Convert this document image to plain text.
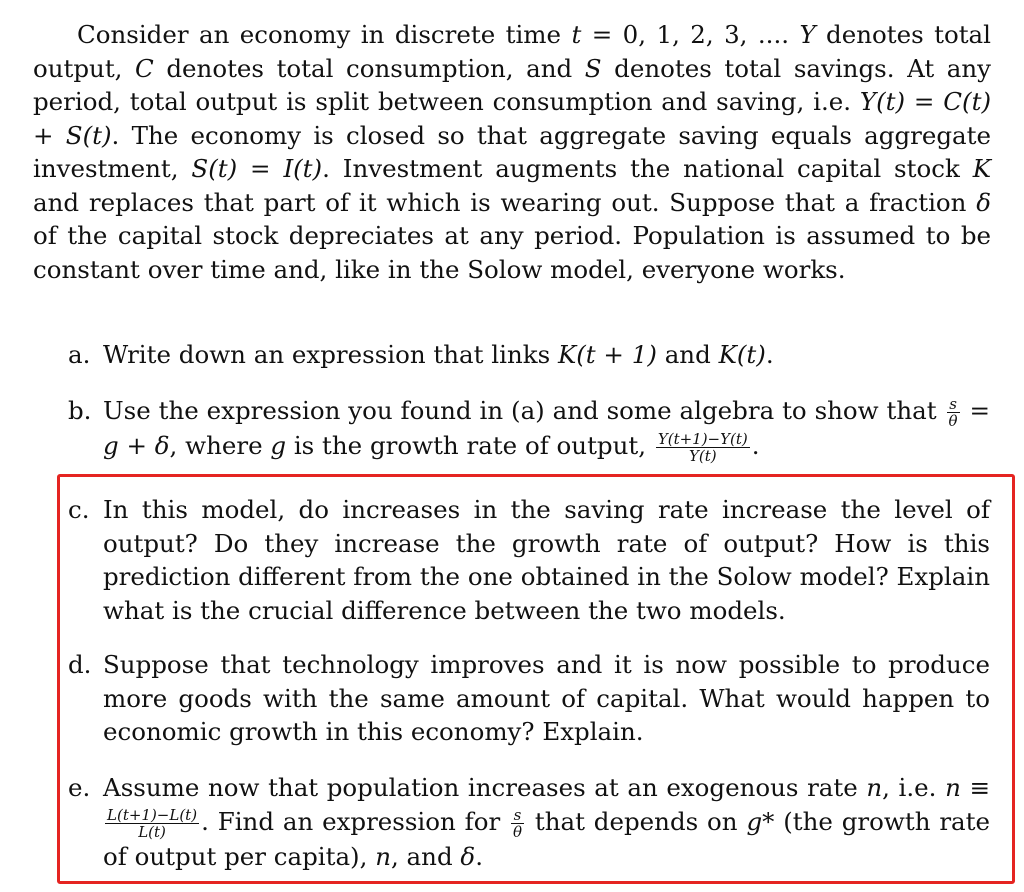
Consider an economy in discrete time t = 0, 1, 2, 3, .... Y denotes total output, C denotes total consumption, and S denotes total savings. At any period, total output is split between consumption and saving, i.e. Y(t) = C(t) + S(t). The economy is closed so that aggregate saving equals aggregate investment, S(t) = I(t). Investment augments the national capital stock K and replaces that part of it which is wearing out. Suppose that a fraction δ of the capital stock depreciates at any period. Population is assumed to be constant over time and, like in the Solow model, everyone works.

a. Write down an expression that links K(t + 1) and K(t).
b. Use the expression you found in (a) and some algebra to show that $\frac{s}{\theta} = g + \delta$, where g is the growth rate of output, $\frac{Y(t+1)-Y(t)}{Y(t)}$ .
c. In this model, do increases in the saving rate increase the level of output? Do they increase the growth rate of output? How is this prediction different from the one obtained in the Solow model? Explain what is the crucial difference between the two models.
d. Suppose that technology improves and it is now possible to produce more goods with the same amount of capital. What would happen to economic growth in this economy? Explain.
e. Assume now that population increases at an exogenous rate n, i.e. n ≡
$\frac{L(t+1)-L(t)}{L(t)}$ . Find an expression for $\frac{s}{\theta}$ that depends on g* (the growth rate of output per capita), n, and δ.
